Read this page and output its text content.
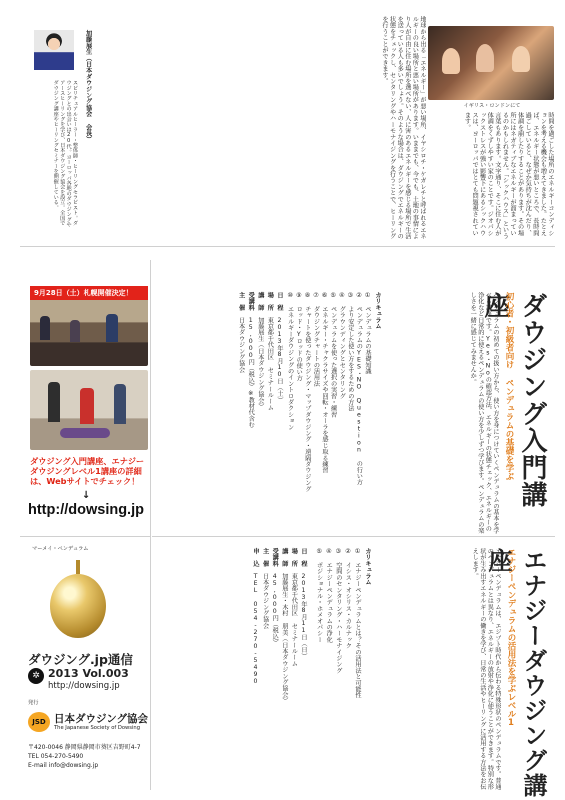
ダウジング入門講座
初心者・初級者向け ペンデュラムの基礎を学ぶ
ペンデュラムの初めての扱い方から、使い方を身につけていくペンデュラムの基本を学べる講座です。Yes・Noの確認方法、エネルギーの状態チェック、エネルギーの浄化など日常的に使えるペンデュラムの使い方を少しずつ学びます。ペンデュラムの楽しさを一緒に感じてみませんか。
カリキュラム
① ペンデュラムの基礎知識
② ペンデュラムのYES・NO Question の行い方
③ より安定した使い方をするための方法
④ グラウンディングとセンタリング
⑤ ペンデュラムを使った選択の実習・練習
⑥ エネルギー・チャクラサイズや回転・オーラを感じ取る練習
⑦ ダウジングチャートの活用法
⑧ チャートを使ったダウジング・マップダウジング・遠隔ダウジング
⑨ ロッド・Yロッドの使い方
⑩ エネルギーダウジングのイントロダクション
日　程　2013年8月10日（土）
場　所　東京都千代田区 セミナールーム
講　師　加藤展生（日本ダウジング協会）
受講料　15,000円（税込）※教材代含む
主　催　日本ダウジング協会
エナジーダウジング講座
エナジーペンデュラムの活用法を学ぶレベル1
エナジーペンデュラムは、エジプト時代から伝わる特殊形状のペンデュラムです。普通のペンデュラムとは異なり、エネルギーの放射や浄化に使うことができます。特別な形状が生み出すエネルギーの働きを学び、日常の生活やヒーリングに活用する方法をお伝えします。
カリキュラム
① エナジーペンデュラムとは？その活用法と可能性
② イシス・オシリス・カルナック
③ 空間のセンタリング・ハーモナイジング
④ エナジーペンデュラムの浄化
⑤ ポジショナル・ホメオパシー
日　程　2013年8月11日（日）
場　所　東京都千代田区 セミナールーム
講　師　加藤展生・木村 朋美（日本ダウジング協会）
受講料　45,000円（税込）
主　催　日本ダウジング協会
申　込　TEL 054-270-5490
イギリス・ロンドンにて
時間を過ごした場所のエネルギーコンディションを考える機会も増えてきました。たとえば、エネルギー状態が悪いところで、長時間過ごしていると、なぜか気持ちが沈んだり、体調を崩したりすることがあります。その場所にはネガティブなエネルギーが溜まっているのかもしれません。「シックハウス」という言葉もあります。文字通り、そこに住む人が体調をくずしやすい家のことです。ジオパシックストレスが強い影響下にあるシックハウスは、ヨーロッパではとても問題視されています。
地球から出る「エネルギー」が悪い場所、イヤシロチ・ケガレチと呼ばれるエネルギーの良い場所と悪い場所があります。いままでも、今でも、土地の事情により人が自由に住む場所を選べない、人に害のあるエネルギーを感じる場所で生活を送っている人も多いでしょう。そのような場合は、ダウジングでエネルギーの状態をチェックし、センタリングやハーモナイジングを行うことで、ヒーリングを行うことができます。
加藤展生（日本ダウジング協会 会長）
スピリチュアルヒーラー・整体師・ヒーリングセラピスト。ダウジングとの出会いは20代。ヨーロッパ各地のダウジングやアースヒーリングを学び、日本ダウジング協会を設立。全国でダウジング講座やヒーリングセミナーを開催している。
9月28日（土）札幌開催決定！
ダウジング入門講座、エナジーダウジングレベル1講座の詳細は、Webサイトでチェック！
↓
http://dowsing.jp
マーメイ・ペンデュラム
ダウジング.jp通信
✲ 2013 Vol.003
http://dowsing.jp
発行
JSD 日本ダウジング協会
The Japanese Society of Dowsing
〒420-0046 静岡県静岡市葵区吉野町4-7
TEL 054-270-5490
E-mail info@dowsing.jp
